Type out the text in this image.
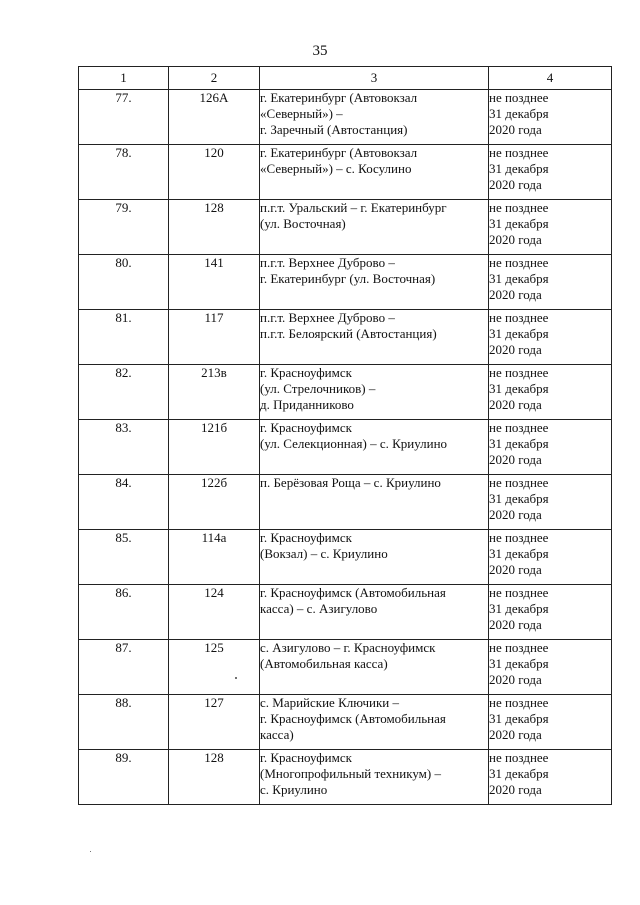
35
1	2	3	4
77.	126А	г. Екатеринбург (Автовокзал
«Северный») –
г. Заречный (Автостанция)	не позднее
31 декабря
2020 года

78.	120	г. Екатеринбург (Автовокзал
«Северный») – с. Косулино	не позднее
31 декабря
2020 года

79.	128	п.г.т. Уральский – г. Екатеринбург
(ул. Восточная)	не позднее
31 декабря
2020 года

80.	141	п.г.т. Верхнее Дуброво –
г. Екатеринбург (ул. Восточная)	не позднее
31 декабря
2020 года

81.	117	п.г.т. Верхнее Дуброво –
п.г.т. Белоярский (Автостанция)	не позднее
31 декабря
2020 года

82.	213в	г. Красноуфимск
(ул. Стрелочников) –
д. Приданниково	не позднее
31 декабря
2020 года

83.	121б	г. Красноуфимск
(ул. Селекционная) – с. Криулино	не позднее
31 декабря
2020 года

84.	122б	п. Берёзовая Роща – с. Криулино	не позднее
31 декабря
2020 года

85.	114а	г. Красноуфимск
(Вокзал) – с. Криулино	не позднее
31 декабря
2020 года

86.	124	г. Красноуфимск (Автомобильная
касса) – с. Азигулово	не позднее
31 декабря
2020 года

87.	125	с. Азигулово – г. Красноуфимск
(Автомобильная касса)	не позднее
31 декабря
2020 года

88.	127	с. Марийские Ключики –
г. Красноуфимск (Автомобильная
касса)	не позднее
31 декабря
2020 года

89.	128	г. Красноуфимск
(Многопрофильный техникум) –
с. Криулино	не позднее
31 декабря
2020 года
